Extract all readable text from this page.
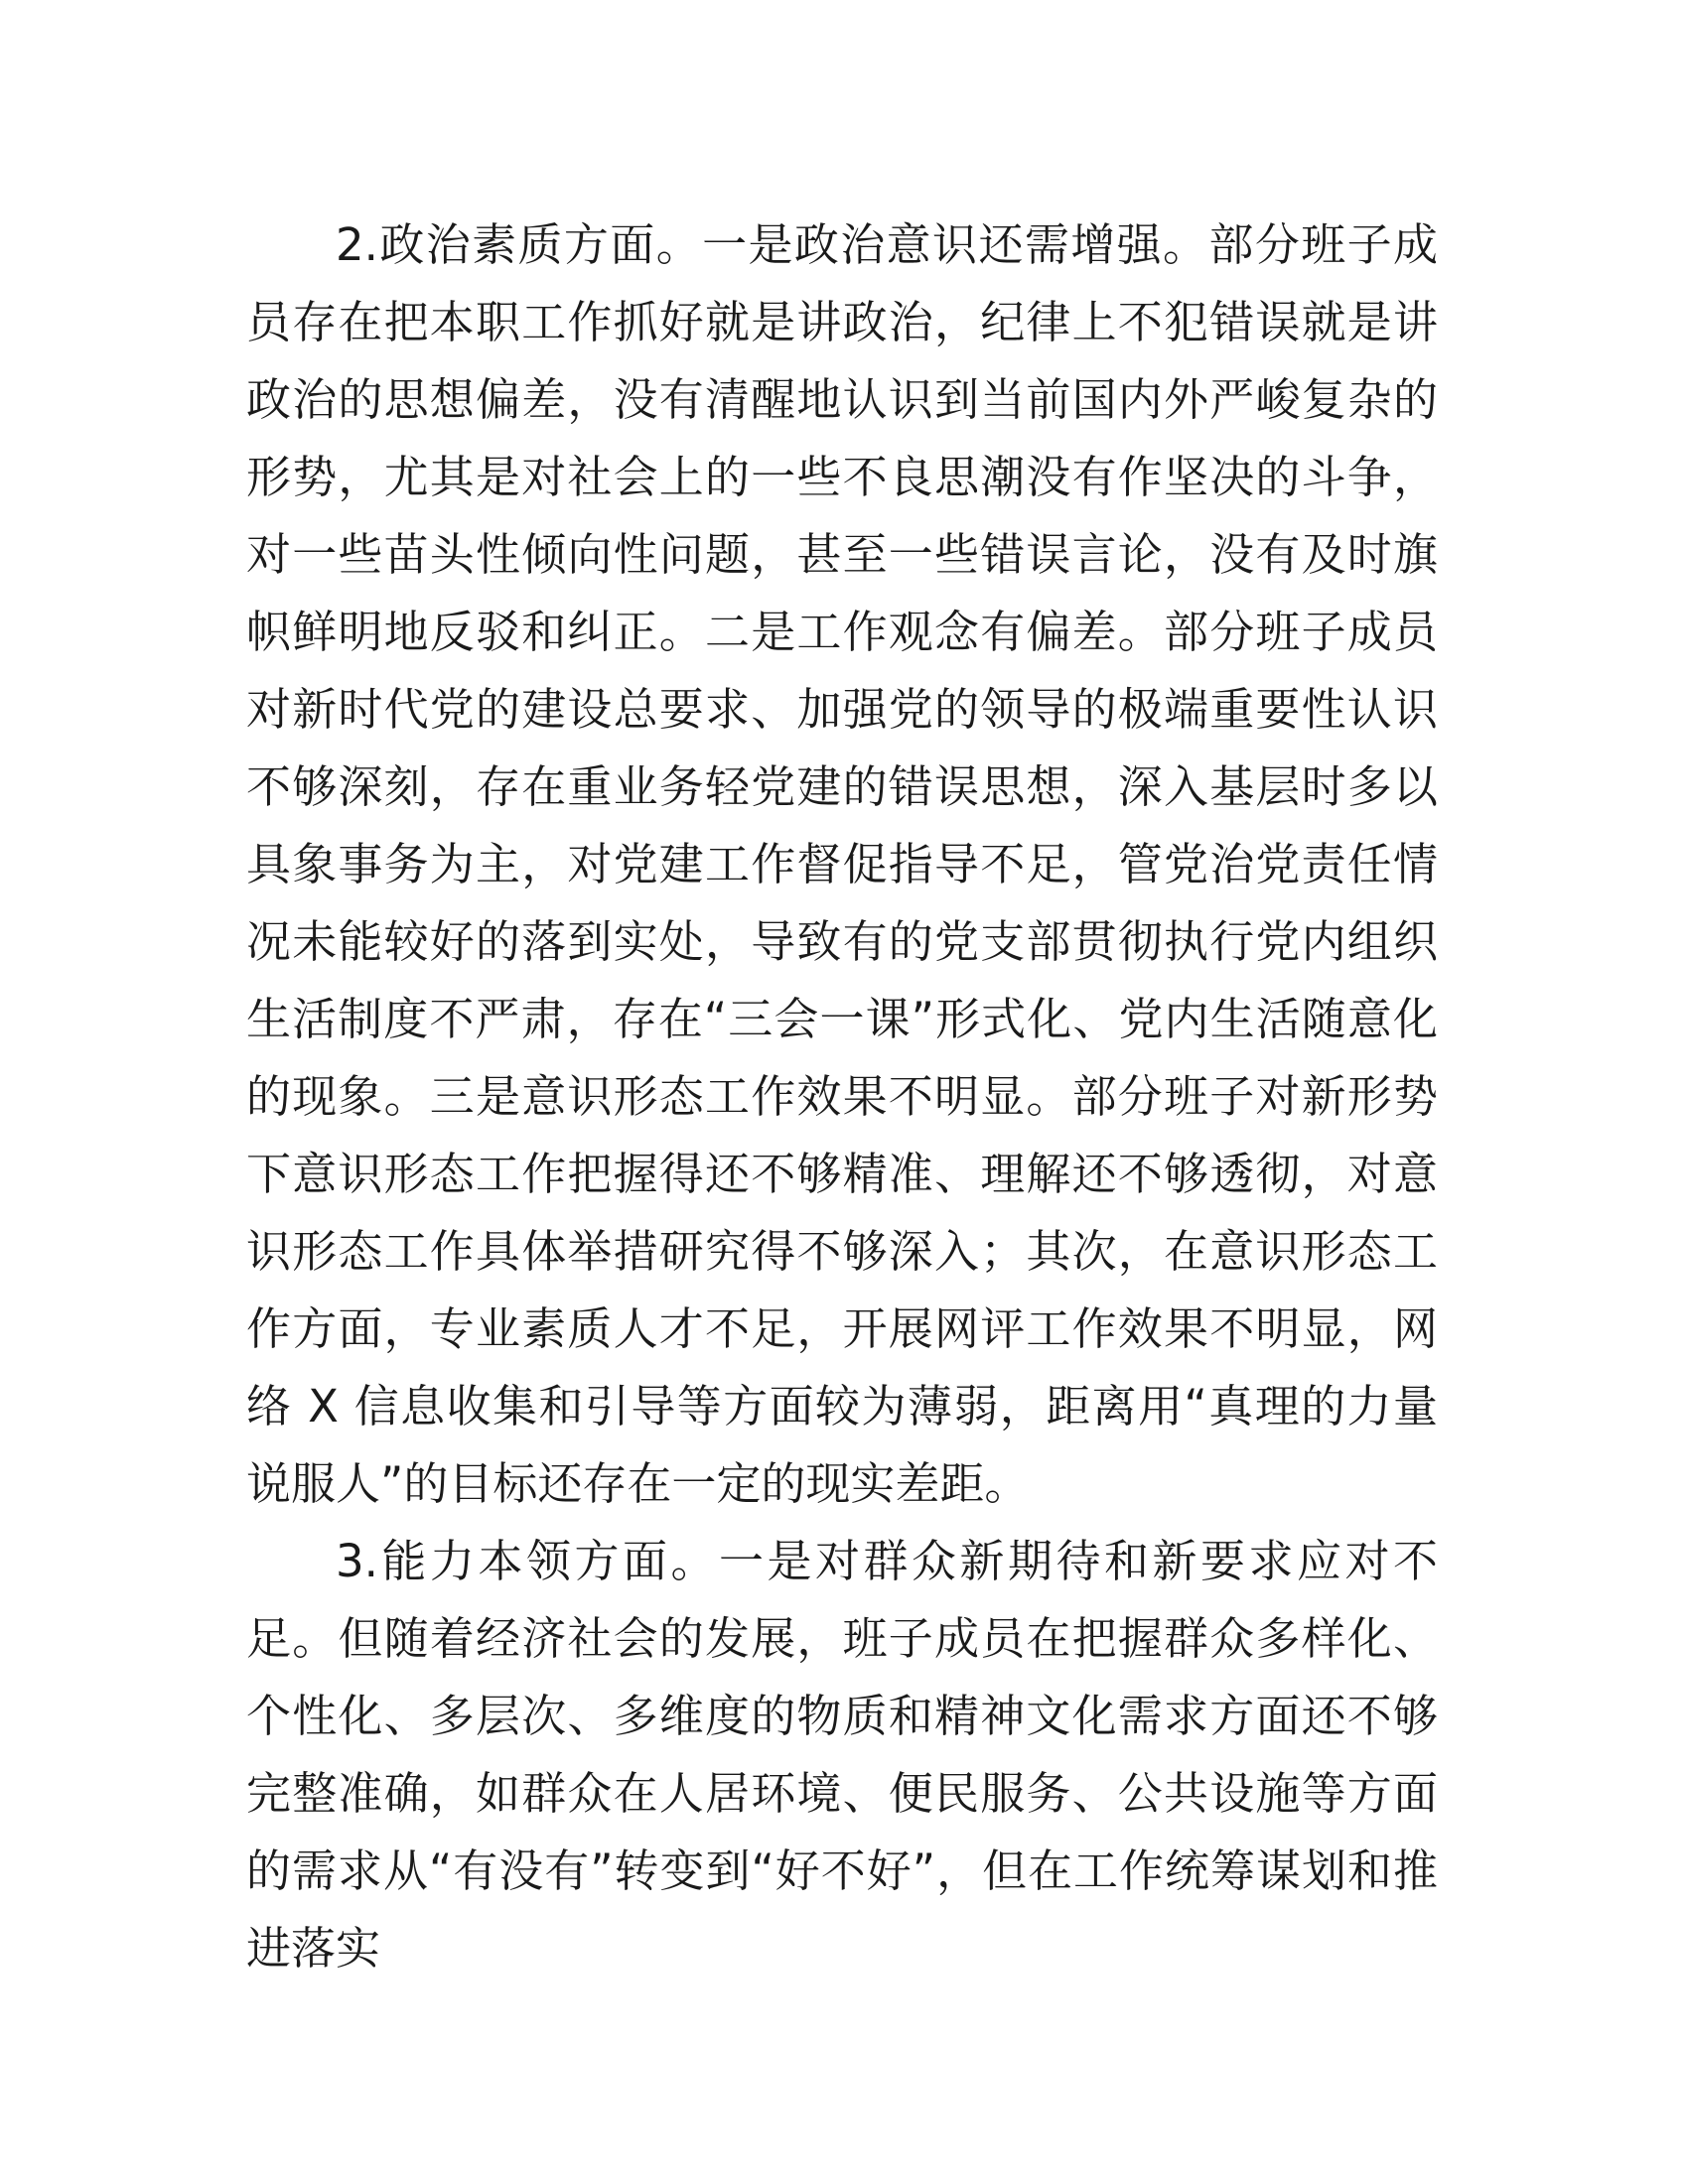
2.政治素质方面。一是政治意识还需增强。部分班子成员存在把本职工作抓好就是讲政治，纪律上不犯错误就是讲政治的思想偏差，没有清醒地认识到当前国内外严峻复杂的形势，尤其是对社会上的一些不良思潮没有作坚决的斗争，对一些苗头性倾向性问题，甚至一些错误言论，没有及时旗帜鲜明地反驳和纠正。二是工作观念有偏差。部分班子成员对新时代党的建设总要求、加强党的领导的极端重要性认识不够深刻，存在重业务轻党建的错误思想，深入基层时多以具象事务为主，对党建工作督促指导不足，管党治党责任情况未能较好的落到实处，导致有的党支部贯彻执行党内组织生活制度不严肃，存在“三会一课”形式化、党内生活随意化的现象。三是意识形态工作效果不明显。部分班子对新形势下意识形态工作把握得还不够精准、理解还不够透彻，对意识形态工作具体举措研究得不够深入；其次，在意识形态工作方面，专业素质人才不足，开展网评工作效果不明显，网络 X 信息收集和引导等方面较为薄弱，距离用“真理的力量说服人”的目标还存在一定的现实差距。

3.能力本领方面。一是对群众新期待和新要求应对不足。但随着经济社会的发展，班子成员在把握群众多样化、个性化、多层次、多维度的物质和精神文化需求方面还不够完整准确，如群众在人居环境、便民服务、公共设施等方面的需求从“有没有”转变到“好不好”，但在工作统筹谋划和推进落实
